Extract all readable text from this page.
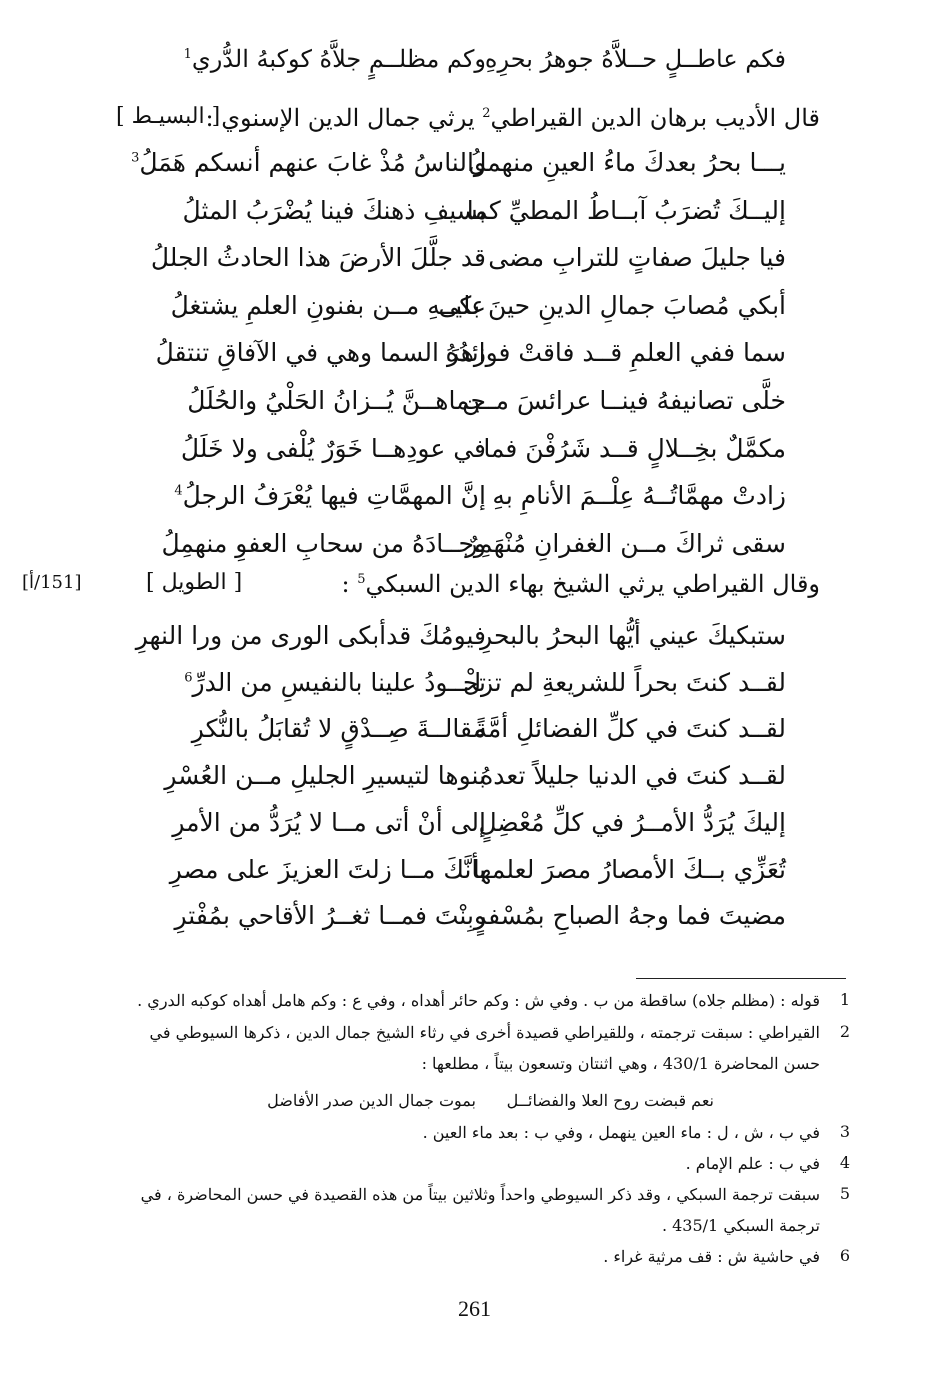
فكم عاطــلٍ حــلاَّهُ جوهرُ بحرِهِ
وكم مظلــمٍ جلاَّهُ كوكبهُ الدُّري$^1$
قال الأديب برهان الدين القيراطي$^2$ يرثي جمال الدين الإسنوي :
[ البسيـط ]
يـــا بحرُ بعدكَ ماءُ العينِ منهملُ
والناسُ مُذْ غابَ عنهم أنسكم هَمَلُ$^3$
إليــكَ تُضرَبُ آبــاطُ المطيِّ كما
بسيفِ ذهنكَ فينا يُضْرَبُ المثلُ
فيا جليلَ صفاتٍ للترابِ مضى
قد جلَّلَ الأرضَ هذا الحادثُ الجللُ
أبكي مُصابَ جمالِ الدينِ حينَ بكى
عليــهِ مــن بفنونِ العلمِ يشتغلُ
سما ففي العلمِ قــد فاقتْ فوائدُهُ
زهرَ السما وهي في الآفاقِ تنتقلُ
خلَّى تصانيفهُ فينــا عرائسَ مــن
جماهــنَّ يُــزانُ الحَلْيُ والحُلَلُ
مكمَّلٌ بخِــلالٍ قــد شَرُفْنَ فما
في عودِهــا خَوَرٌ يُلْفى ولا خَلَلُ
زادتْ مهمَّاتُــهُ عِلْــمَ الأنامِ بهِ
إنَّ المهمَّاتِ فيها يُعْرَفُ الرجلُ$^4$
سقى ثراكَ مــن الغفرانِ مُنْهَمِرٌ
وجــادَهُ من سحابِ العفوِ منهمِلُ
وقال القيراطي يرثي الشيخ بهاء الدين السبكي$^5$ :
[ الطويل ]
[151/أ]
ستبكيكَ عيني أيُّها البحرُ بالبحرِ
فيومُكَ قدأبكى الورى من ورا النهرِ
لقــد كنتَ بحراً للشريعةِ لم تزلْ
تجــودُ علينا بالنفيسِ من الدرِّ$^6$
لقــد كنتَ في كلِّ الفضائلِ أمَّةً
مقالــةَ صِــدْقٍ لا تُقابَلُ بالنُّكرِ
لقــد كنتَ في الدنيا جليلاً تعدهُ
بنوها لتيسيرِ الجليلِ مــن العُسْرِ
إليكَ يُرَدُّ الأمــرُ في كلِّ مُعْضِلٍ
إلى أنْ أتى مــا لا يُرَدُّ من الأمرِ
تُعَزِّي بــكَ الأمصارُ مصرَ لعلمها
بأنَّكَ مــا زلتَ العزيزَ على مصرِ
مضيتَ فما وجهُ الصباحِ بمُسْفرٍ
وبِنْتَ فمــا ثغــرُ الأقاحي بمُفْترِ
1
قوله : (مظلم جلاه) ساقطة من ب . وفي ش : وكم حائر أهداه ، وفي ع : وكم هامل أهداه كوكبه الدري .
2
القيراطي : سبقت ترجمته ، وللقيراطي قصيدة أخرى في رثاء الشيخ جمال الدين ، ذكرها السيوطي في
حسن المحاضرة 430/1 ، وهي اثنتان وتسعون بيتاً ، مطلعها :
3
في ب ، ش ، ل : ماء العين ينهمل ، وفي ب : بعد ماء العين .
4
في ب : علم الإمام .
5
سبقت ترجمة السبكي ، وقد ذكر السيوطي واحداً وثلاثين بيتاً من هذه القصيدة في حسن المحاضرة ، في
ترجمة السبكي 435/1 .
6
في حاشية ش : قف مرثية غراء .
نعم قبضت روح العلا والفضائــل
بموت جمال الدين صدر الأفاضل
261
